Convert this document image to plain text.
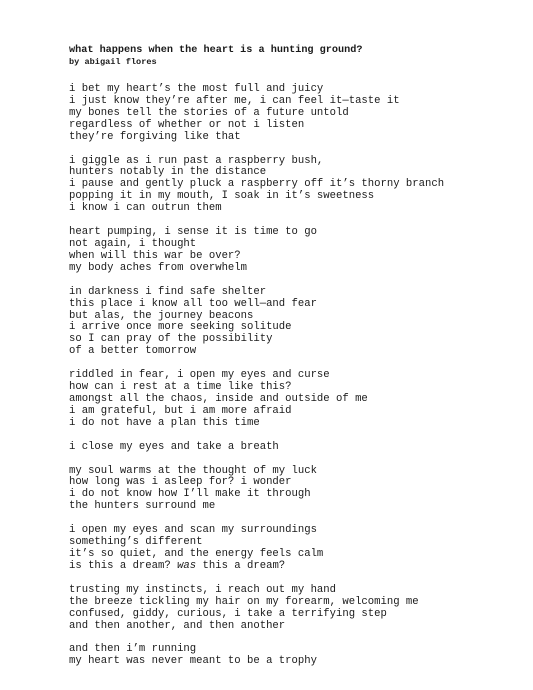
what happens when the heart is a hunting ground?
by abigail flores
i bet my heart’s the most full and juicy
i just know they’re after me, i can feel it—taste it
my bones tell the stories of a future untold
regardless of whether or not i listen
they’re forgiving like that
i giggle as i run past a raspberry bush,
hunters notably in the distance
i pause and gently pluck a raspberry off it’s thorny branch
popping it in my mouth, I soak in it’s sweetness
i know i can outrun them
heart pumping, i sense it is time to go
not again, i thought
when will this war be over?
my body aches from overwhelm
in darkness i find safe shelter
this place i know all too well—and fear
but alas, the journey beacons
i arrive once more seeking solitude
so I can pray of the possibility
of a better tomorrow
riddled in fear, i open my eyes and curse
how can i rest at a time like this?
amongst all the chaos, inside and outside of me
i am grateful, but i am more afraid
i do not have a plan this time
i close my eyes and take a breath
my soul warms at the thought of my luck
how long was i asleep for? i wonder
i do not know how I’ll make it through
the hunters surround me
i open my eyes and scan my surroundings
something’s different
it’s so quiet, and the energy feels calm
is this a dream? was this a dream?
trusting my instincts, i reach out my hand
the breeze tickling my hair on my forearm, welcoming me
confused, giddy, curious, i take a terrifying step
and then another, and then another
and then i’m running
my heart was never meant to be a trophy
